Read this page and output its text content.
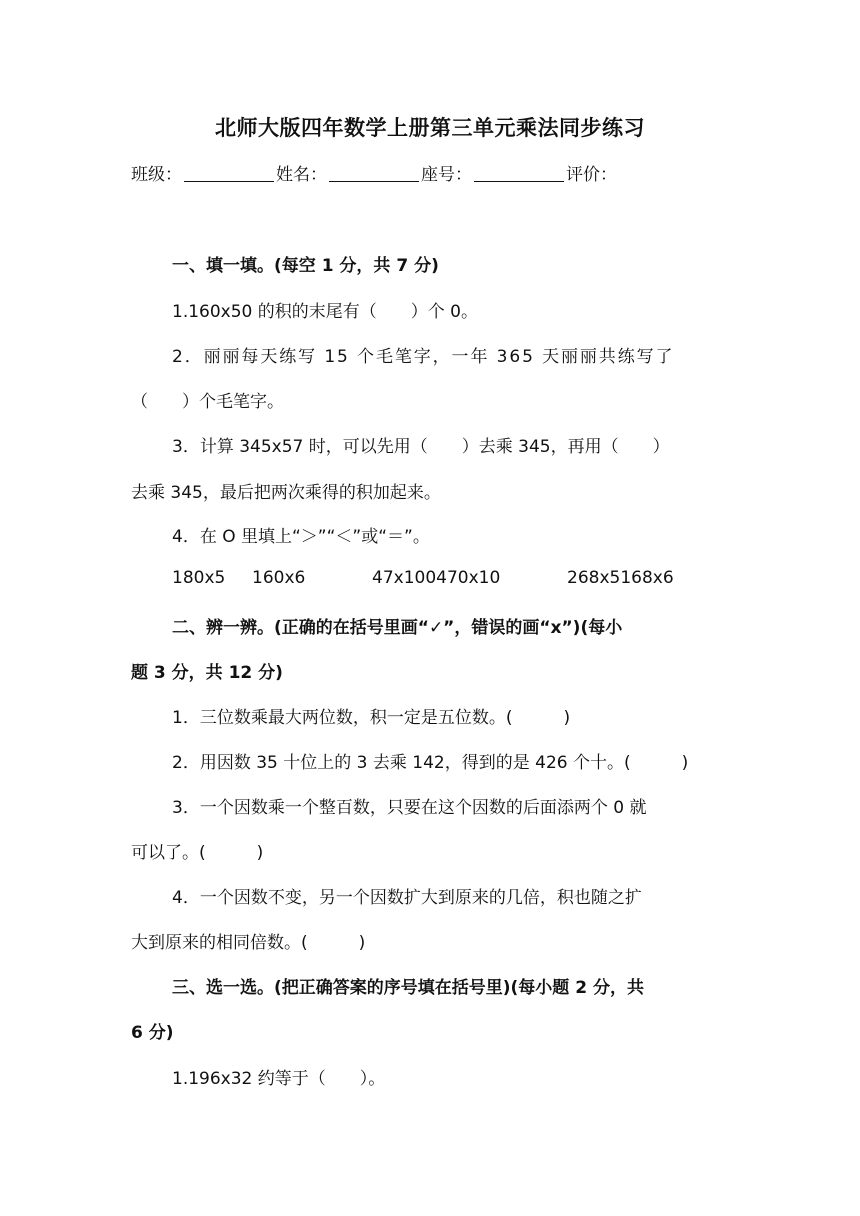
北师大版四年数学上册第三单元乘法同步练习
班级：	姓名：	座号：	评价：
一、填一填。(每空 1 分，共 7 分)
1.160x50 的积的末尾有（　　）个 0。
2．丽丽每天练写 15 个毛笔字，一年 365 天丽丽共练写了
（　　）个毛笔字。
3．计算 345x57 时，可以先用（　　）去乘 345，再用（　　）
去乘 345，最后把两次乘得的积加起来。
4．在 O 里填上“＞”“＜”或“＝”。
180x5 160x6	47x100470x10	268x5168x6
二、辨一辨。(正确的在括号里画“✓”，错误的画“x”)(每小
题 3 分，共 12 分)
1．三位数乘最大两位数，积一定是五位数。(　　　)
2．用因数 35 十位上的 3 去乘 142，得到的是 426 个十。(　　　)
3．一个因数乘一个整百数，只要在这个因数的后面添两个 0 就
可以了。(　　　)
4．一个因数不变，另一个因数扩大到原来的几倍，积也随之扩
大到原来的相同倍数。(　　　)
三、选一选。(把正确答案的序号填在括号里)(每小题 2 分，共
6 分)
1.196x32 约等于（　　）。
